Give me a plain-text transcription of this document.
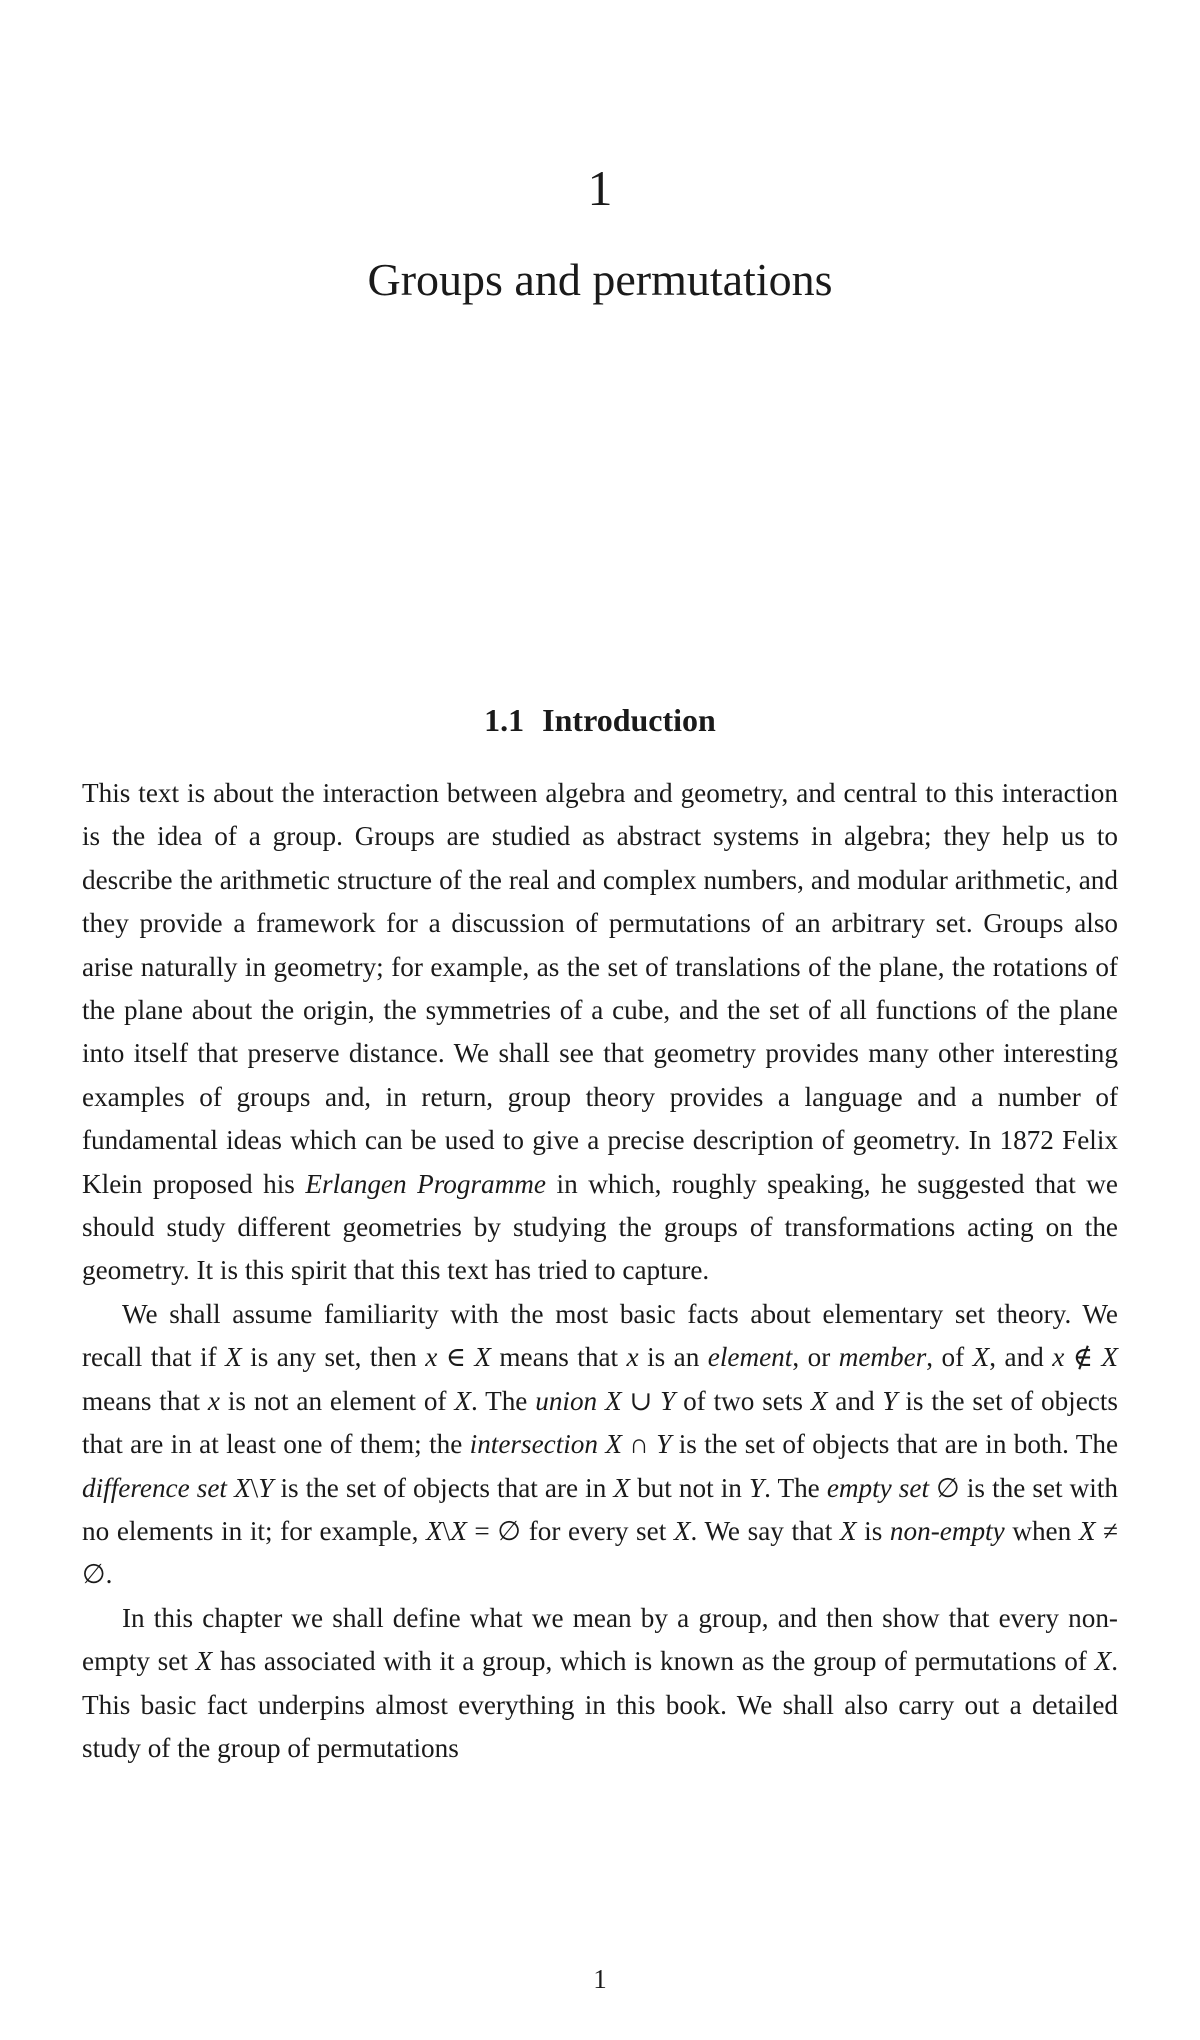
1
Groups and permutations
1.1 Introduction

This text is about the interaction between algebra and geometry, and central to this interaction is the idea of a group. Groups are studied as abstract systems in algebra; they help us to describe the arithmetic structure of the real and complex numbers, and modular arithmetic, and they provide a framework for a discussion of permutations of an arbitrary set. Groups also arise naturally in geometry; for example, as the set of translations of the plane, the rotations of the plane about the origin, the symmetries of a cube, and the set of all functions of the plane into itself that preserve distance. We shall see that geometry provides many other interesting examples of groups and, in return, group theory provides a language and a number of fundamental ideas which can be used to give a precise description of geometry. In 1872 Felix Klein proposed his Erlangen Programme in which, roughly speaking, he suggested that we should study different geometries by studying the groups of transformations acting on the geometry. It is this spirit that this text has tried to capture.

We shall assume familiarity with the most basic facts about elementary set theory. We recall that if X is any set, then x ∈ X means that x is an element, or member, of X, and x ∉ X means that x is not an element of X. The union X ∪ Y of two sets X and Y is the set of objects that are in at least one of them; the intersection X ∩ Y is the set of objects that are in both. The difference set X\Y is the set of objects that are in X but not in Y. The empty set ∅ is the set with no elements in it; for example, X\X = ∅ for every set X. We say that X is non-empty when X ≠ ∅.

In this chapter we shall define what we mean by a group, and then show that every non-empty set X has associated with it a group, which is known as the group of permutations of X. This basic fact underpins almost everything in this book. We shall also carry out a detailed study of the group of permutations

1
